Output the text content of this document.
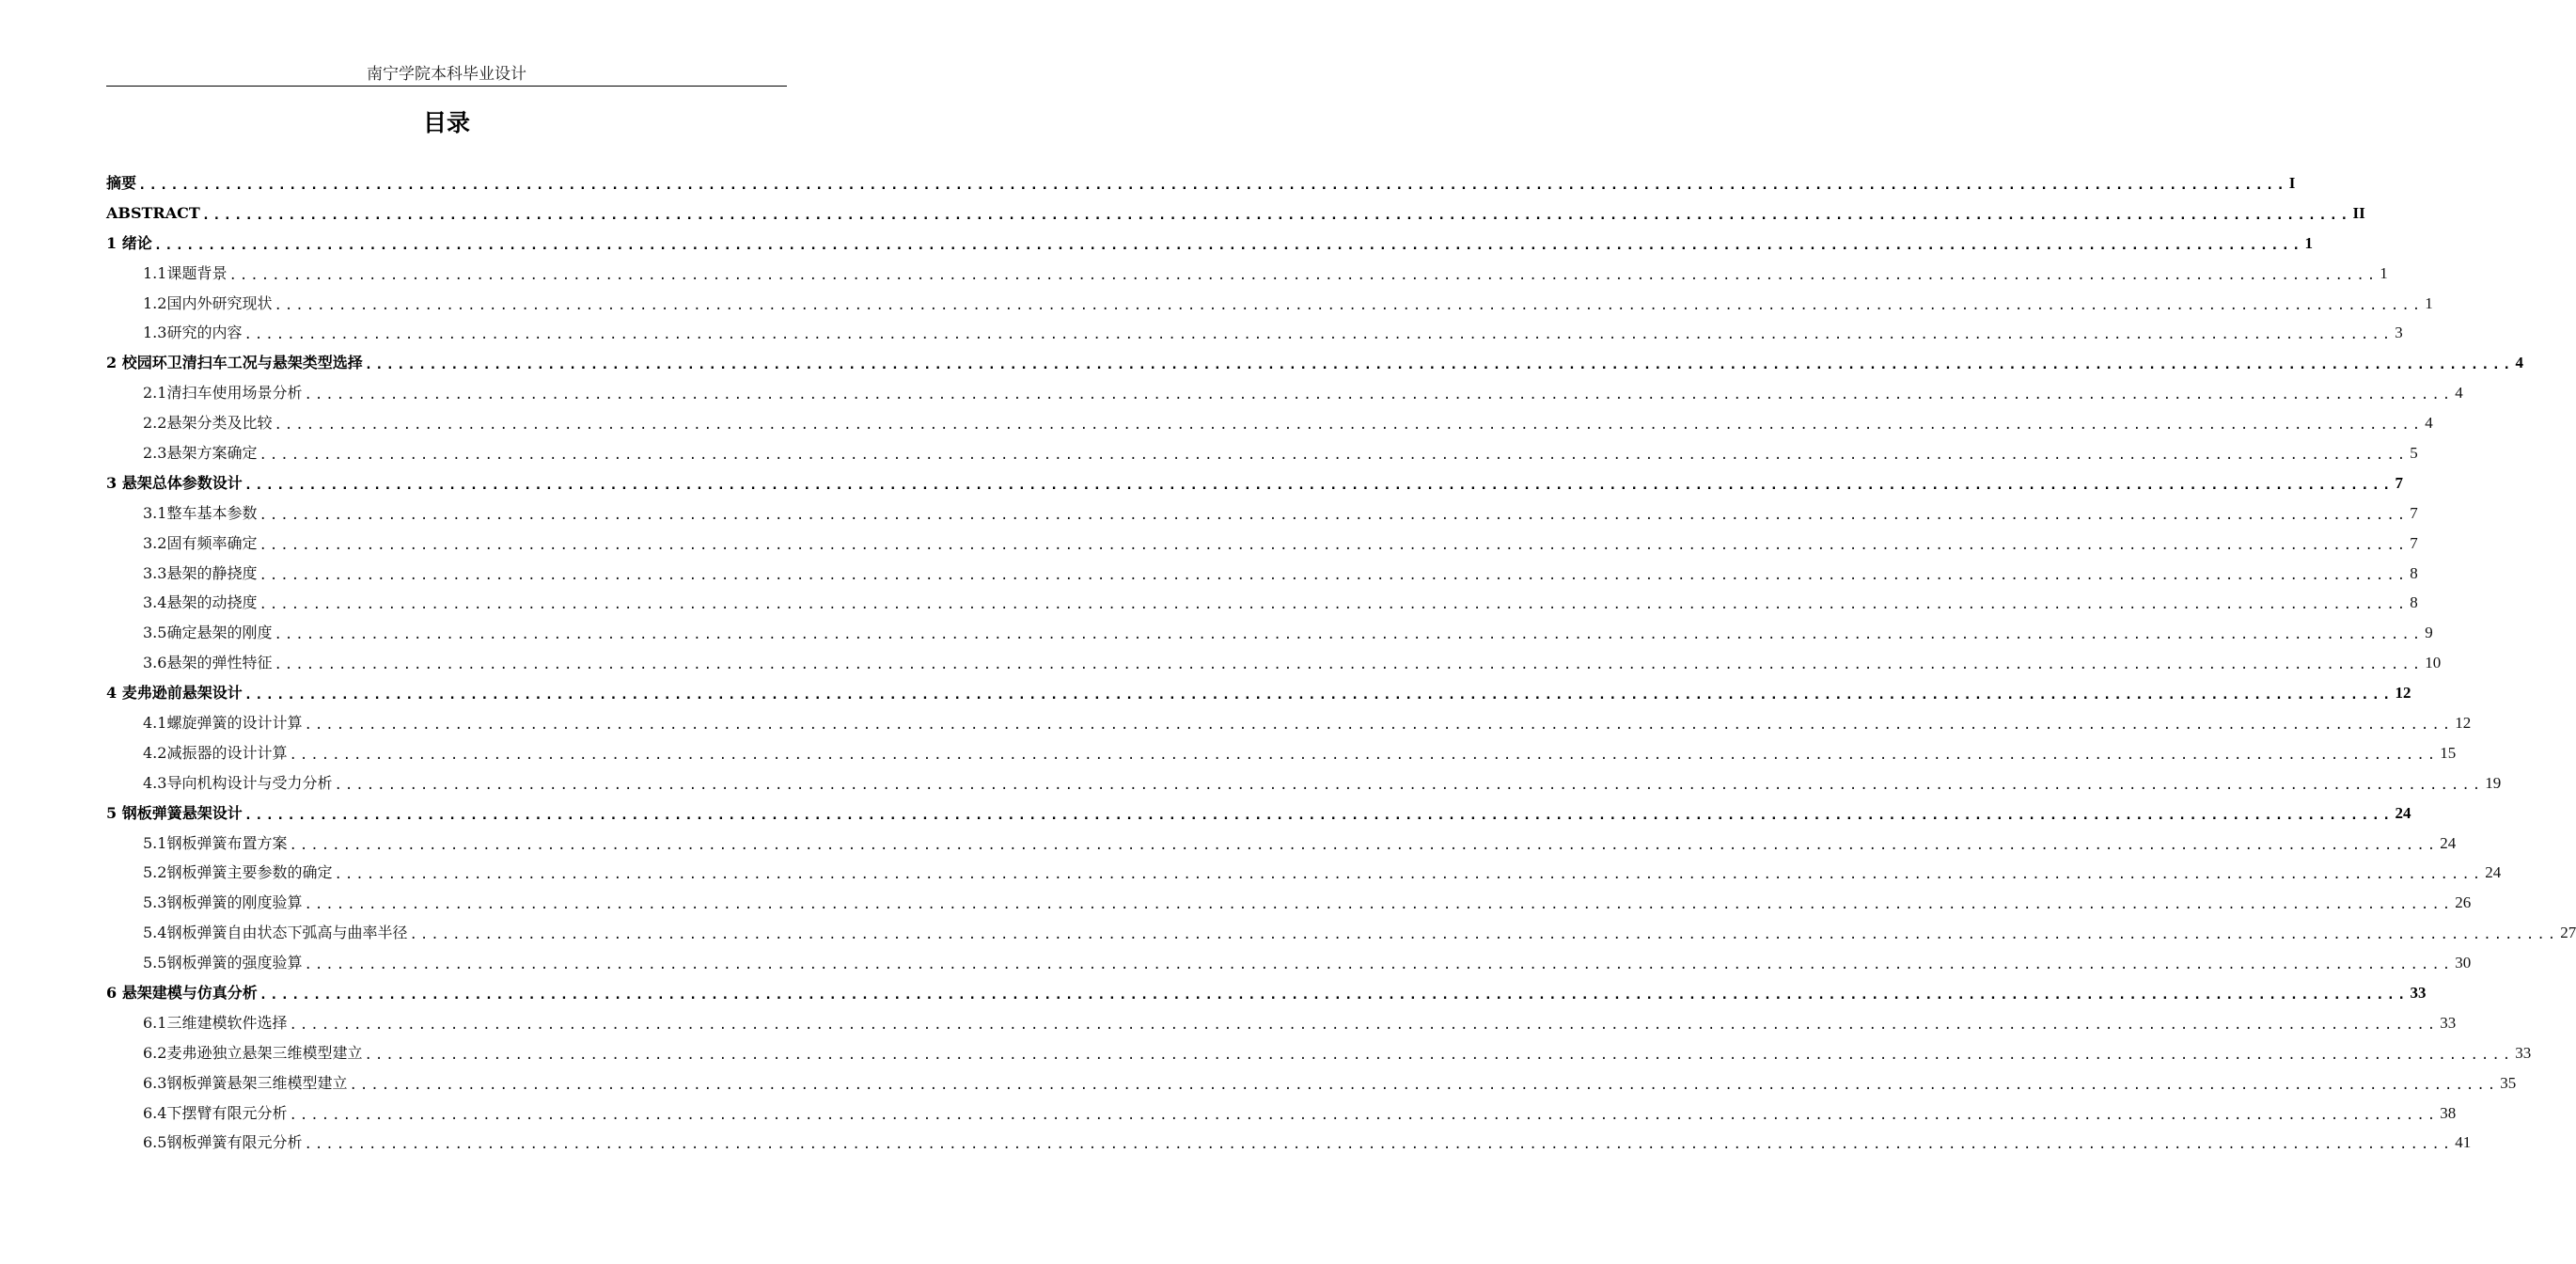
南宁学院本科毕业设计
目录
摘要 ........................................................................................................................................................................................................ I
ABSTRACT ........................................................................................................................................................................................................ II
1 绪论 ........................................................................................................................................................................................................ 1
1.1课题背景 ........................................................................................................................................................................................................ 1
1.2国内外研究现状 ........................................................................................................................................................................................................ 1
1.3研究的内容 ........................................................................................................................................................................................................ 3
2 校园环卫清扫车工况与悬架类型选择 ........................................................................................................................................................................................................ 4
2.1清扫车使用场景分析 ........................................................................................................................................................................................................ 4
2.2悬架分类及比较 ........................................................................................................................................................................................................ 4
2.3悬架方案确定 ........................................................................................................................................................................................................ 5
3 悬架总体参数设计 ........................................................................................................................................................................................................ 7
3.1整车基本参数 ........................................................................................................................................................................................................ 7
3.2固有频率确定 ........................................................................................................................................................................................................ 7
3.3悬架的静挠度 ........................................................................................................................................................................................................ 8
3.4悬架的动挠度 ........................................................................................................................................................................................................ 8
3.5确定悬架的刚度 ........................................................................................................................................................................................................ 9
3.6悬架的弹性特征 ........................................................................................................................................................................................................ 10
4 麦弗逊前悬架设计 ........................................................................................................................................................................................................ 12
4.1螺旋弹簧的设计计算 ........................................................................................................................................................................................................ 12
4.2减振器的设计计算 ........................................................................................................................................................................................................ 15
4.3导向机构设计与受力分析 ........................................................................................................................................................................................................ 19
5 钢板弹簧悬架设计 ........................................................................................................................................................................................................ 24
5.1钢板弹簧布置方案 ........................................................................................................................................................................................................ 24
5.2钢板弹簧主要参数的确定 ........................................................................................................................................................................................................ 24
5.3钢板弹簧的刚度验算 ........................................................................................................................................................................................................ 26
5.4钢板弹簧自由状态下弧高与曲率半径 ........................................................................................................................................................................................................ 27
5.5钢板弹簧的强度验算 ........................................................................................................................................................................................................ 30
6 悬架建模与仿真分析 ........................................................................................................................................................................................................ 33
6.1三维建模软件选择 ........................................................................................................................................................................................................ 33
6.2麦弗逊独立悬架三维模型建立 ........................................................................................................................................................................................................ 33
6.3钢板弹簧悬架三维模型建立 ........................................................................................................................................................................................................ 35
6.4下摆臂有限元分析 ........................................................................................................................................................................................................ 38
6.5钢板弹簧有限元分析 ........................................................................................................................................................................................................ 41
